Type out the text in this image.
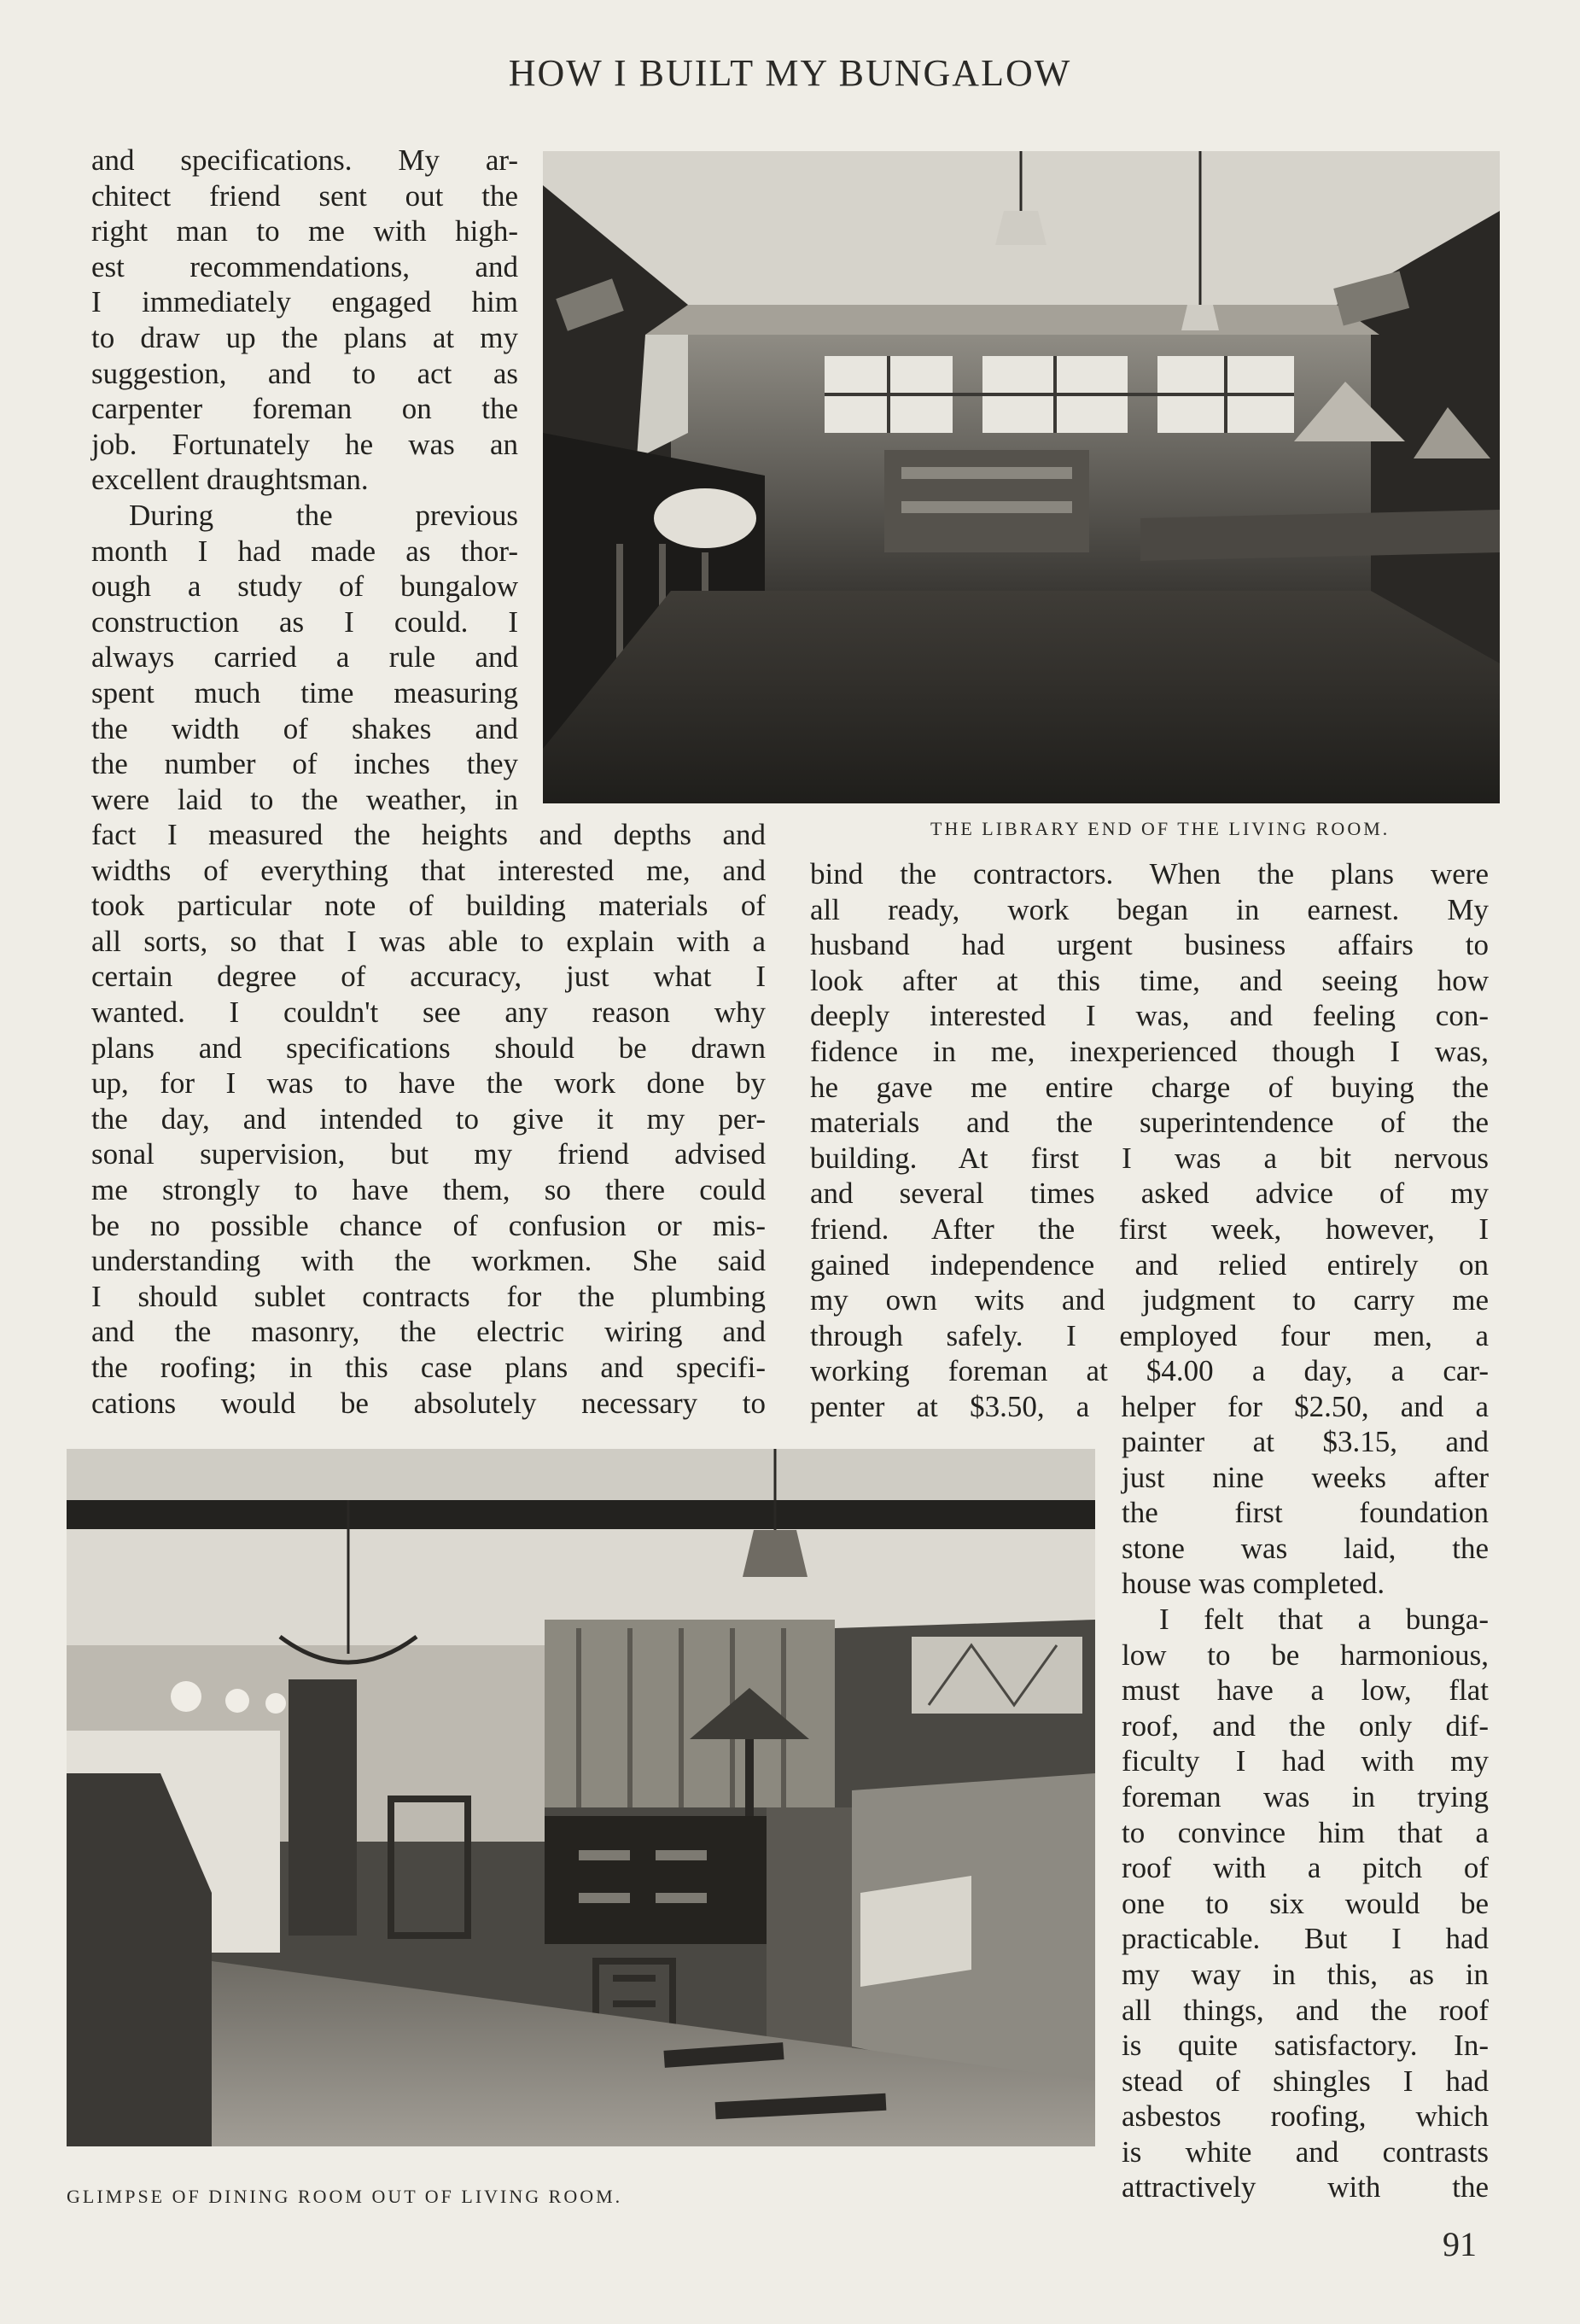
HOW I BUILT MY BUNGALOW
THE LIBRARY END OF THE LIVING ROOM.
GLIMPSE OF DINING ROOM OUT OF LIVING ROOM.
and specifications. My ar-
chitect friend sent out the
right man to me with high-
est recommendations, and
I immediately engaged him
to draw up the plans at my
suggestion, and to act as
carpenter foreman on the
job. Fortunately he was an
excellent draughtsman.
During the previous
month I had made as thor-
ough a study of bungalow
construction as I could. I
always carried a rule and
spent much time measuring
the width of shakes and
the number of inches they
were laid to the weather, in
fact I measured the heights and depths and
widths of everything that interested me, and
took particular note of building materials of
all sorts, so that I was able to explain with a
certain degree of accuracy, just what I
wanted. I couldn't see any reason why
plans and specifications should be drawn
up, for I was to have the work done by
the day, and intended to give it my per-
sonal supervision, but my friend advised
me strongly to have them, so there could
be no possible chance of confusion or mis-
understanding with the workmen. She said
I should sublet contracts for the plumbing
and the masonry, the electric wiring and
the roofing; in this case plans and specifi-
cations would be absolutely necessary to
bind the contractors. When the plans were
all ready, work began in earnest. My
husband had urgent business affairs to
look after at this time, and seeing how
deeply interested I was, and feeling con-
fidence in me, inexperienced though I was,
he gave me entire charge of buying the
materials and the superintendence of the
building. At first I was a bit nervous
and several times asked advice of my
friend. After the first week, however, I
gained independence and relied entirely on
my own wits and judgment to carry me
through safely. I employed four men, a
working foreman at $4.00 a day, a car-
penter at $3.50, a helper for $2.50, and a
painter at $3.15, and
just nine weeks after
the first foundation
stone was laid, the
house was completed.
I felt that a bunga-
low to be harmonious,
must have a low, flat
roof, and the only dif-
ficulty I had with my
foreman was in trying
to convince him that a
roof with a pitch of
one to six would be
practicable. But I had
my way in this, as in
all things, and the roof
is quite satisfactory. In-
stead of shingles I had
asbestos roofing, which
is white and contrasts
attractively with the
91
